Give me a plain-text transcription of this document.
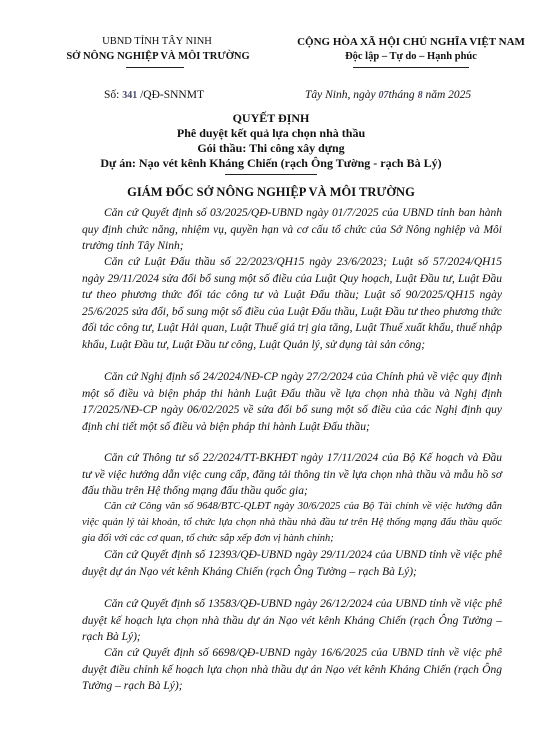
UBND TỈNH TÂY NINH
SỞ NÔNG NGHIỆP VÀ MÔI TRƯỜNG
CỘNG HÒA XÃ HỘI CHỦ NGHĨA VIỆT NAM
Độc lập – Tự do – Hạnh phúc
Số: 341 /QĐ-SNNMT	Tây Ninh, ngày 07tháng 8 năm 2025
QUYẾT ĐỊNH
Phê duyệt kết quả lựa chọn nhà thầu
Gói thầu: Thi công xây dựng
Dự án: Nạo vét kênh Kháng Chiến (rạch Ông Tường - rạch Bà Lý)
GIÁM ĐỐC SỞ NÔNG NGHIỆP VÀ MÔI TRƯỜNG
Căn cứ Quyết định số 03/2025/QĐ-UBND ngày 01/7/2025 của UBND tỉnh ban hành quy định chức năng, nhiệm vụ, quyền hạn và cơ cấu tổ chức của Sở Nông nghiệp và Môi trường tỉnh Tây Ninh;
Căn cứ Luật Đấu thầu số 22/2023/QH15 ngày 23/6/2023; Luật số 57/2024/QH15 ngày 29/11/2024 sửa đổi bổ sung một số điều của Luật Quy hoạch, Luật Đầu tư, Luật Đầu tư theo phương thức đối tác công tư và Luật Đấu thầu; Luật số 90/2025/QH15 ngày 25/6/2025 sửa đổi, bổ sung một số điều của Luật Đấu thầu, Luật Đầu tư theo phương thức đối tác công tư, Luật Hải quan, Luật Thuế giá trị gia tăng, Luật Thuế xuất khẩu, thuế nhập khẩu, Luật Đầu tư, Luật Đầu tư công, Luật Quản lý, sử dụng tài sản công;
Căn cứ Nghị định số 24/2024/NĐ-CP ngày 27/2/2024 của Chính phủ về việc quy định một số điều và biện pháp thi hành Luật Đấu thầu về lựa chọn nhà thầu và Nghị định 17/2025/NĐ-CP ngày 06/02/2025 về sửa đổi bổ sung một số điều của các Nghị định quy định chi tiết một số điều và biện pháp thi hành Luật Đấu thầu;
Căn cứ Thông tư số 22/2024/TT-BKHĐT ngày 17/11/2024 của Bộ Kế hoạch và Đầu tư về việc hướng dẫn việc cung cấp, đăng tải thông tin về lựa chọn nhà thầu và mẫu hồ sơ đấu thầu trên Hệ thống mạng đấu thầu quốc gia;
Căn cứ Công văn số 9648/BTC-QLĐT ngày 30/6/2025 của Bộ Tài chính về việc hướng dẫn việc quản lý tài khoản, tổ chức lựa chọn nhà thầu nhà đầu tư trên Hệ thống mạng đấu thầu quốc gia đối với các cơ quan, tổ chức sắp xếp đơn vị hành chính;
Căn cứ Quyết định số 12393/QĐ-UBND ngày 29/11/2024 của UBND tỉnh về việc phê duyệt dự án Nạo vét kênh Kháng Chiến (rạch Ông Tường – rạch Bà Lý);
Căn cứ Quyết định số 13583/QĐ-UBND ngày 26/12/2024 của UBND tỉnh về việc phê duyệt kế hoạch lựa chọn nhà thầu dự án Nạo vét kênh Kháng Chiến (rạch Ông Tường – rạch Bà Lý);
Căn cứ Quyết định số 6698/QĐ-UBND ngày 16/6/2025 của UBND tỉnh về việc phê duyệt điều chỉnh kế hoạch lựa chọn nhà thầu dự án Nạo vét kênh Kháng Chiến (rạch Ông Tường – rạch Bà Lý);
